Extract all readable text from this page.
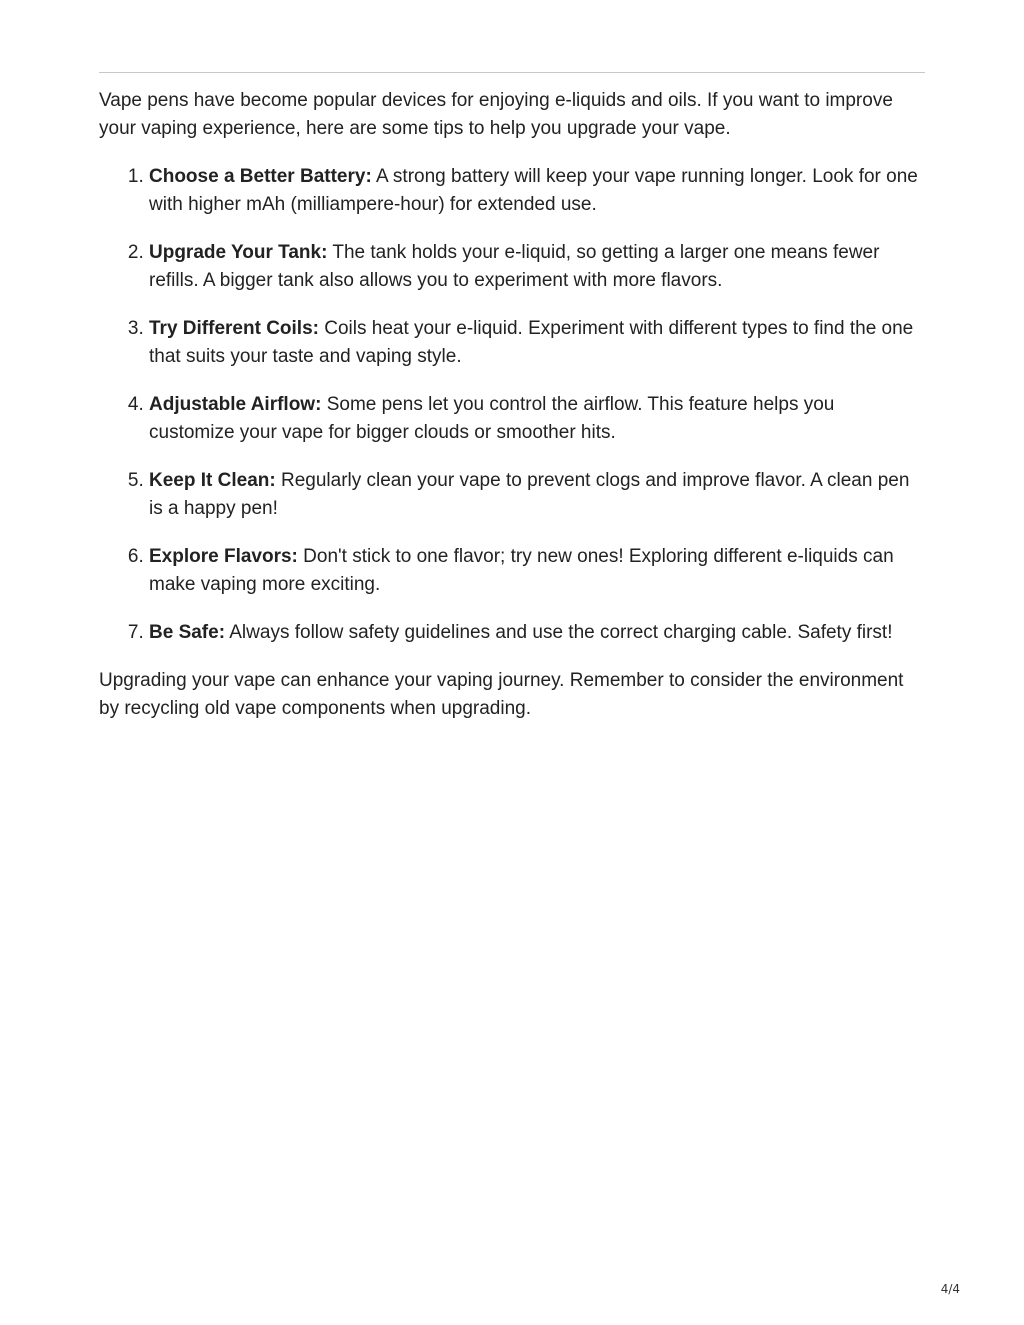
Vape pens have become popular devices for enjoying e-liquids and oils. If you want to improve your vaping experience, here are some tips to help you upgrade your vape.

1. Choose a Better Battery: A strong battery will keep your vape running longer. Look for one with higher mAh (milliampere-hour) for extended use.
2. Upgrade Your Tank: The tank holds your e-liquid, so getting a larger one means fewer refills. A bigger tank also allows you to experiment with more flavors.
3. Try Different Coils: Coils heat your e-liquid. Experiment with different types to find the one that suits your taste and vaping style.
4. Adjustable Airflow: Some pens let you control the airflow. This feature helps you customize your vape for bigger clouds or smoother hits.
5. Keep It Clean: Regularly clean your vape to prevent clogs and improve flavor. A clean pen is a happy pen!
6. Explore Flavors: Don't stick to one flavor; try new ones! Exploring different e-liquids can make vaping more exciting.
7. Be Safe: Always follow safety guidelines and use the correct charging cable. Safety first!

Upgrading your vape can enhance your vaping journey. Remember to consider the environment by recycling old vape components when upgrading.

4/4
